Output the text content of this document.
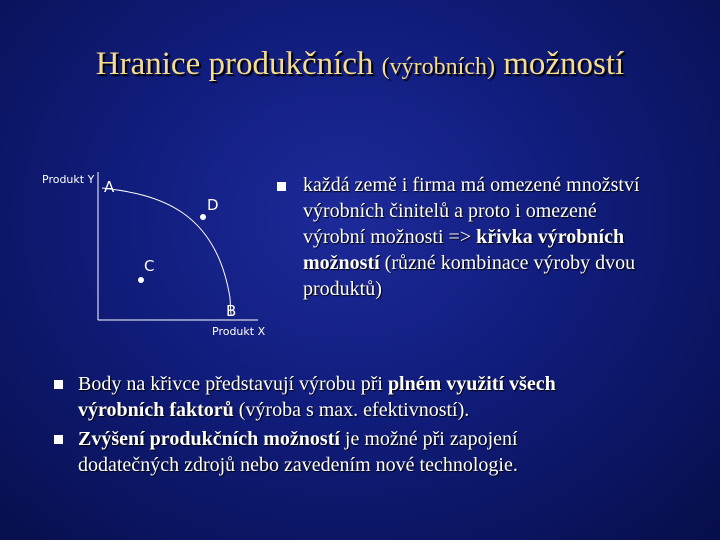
Hranice produkčních (výrobních) možností
Produkt Y
Produkt X
A
D
C
B
každá země i firma má omezené množství
výrobních činitelů a proto i omezené
výrobní možnosti => křivka výrobních
možností (různé kombinace výroby dvou
produktů)
Body na křivce představují výrobu při plném využití všech
výrobních faktorů (výroba s max. efektivností).
Zvýšení produkčních možností je možné při zapojení
dodatečných zdrojů nebo zavedením nové technologie.
